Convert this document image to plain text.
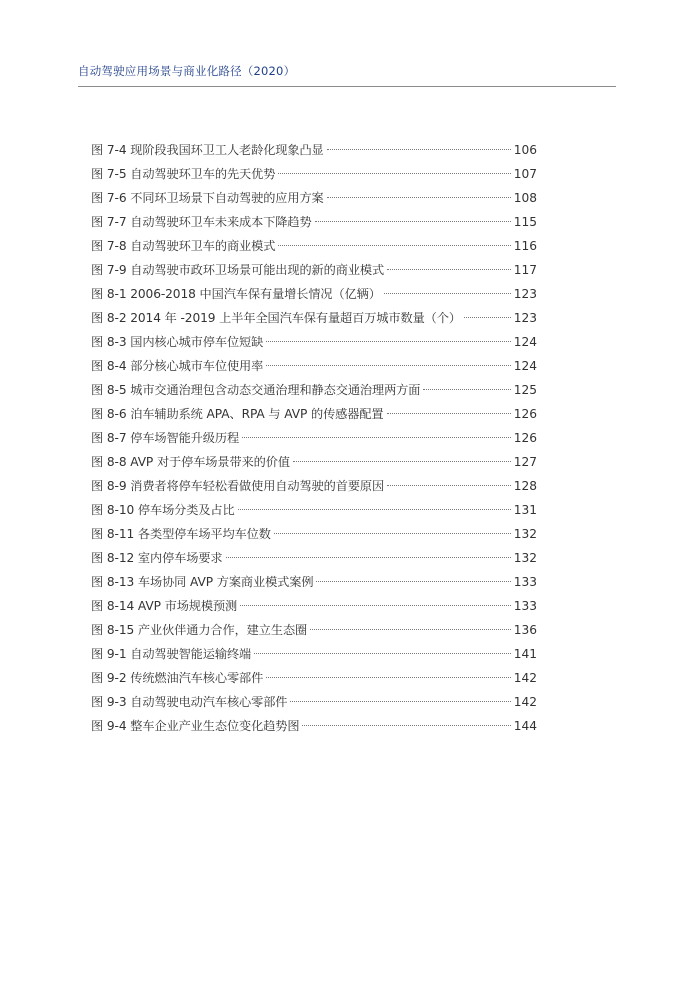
自动驾驶应用场景与商业化路径（2020）
图 7-4 现阶段我国环卫工人老龄化现象凸显	106
图 7-5 自动驾驶环卫车的先天优势	107
图 7-6 不同环卫场景下自动驾驶的应用方案	108
图 7-7 自动驾驶环卫车未来成本下降趋势	115
图 7-8 自动驾驶环卫车的商业模式	116
图 7-9 自动驾驶市政环卫场景可能出现的新的商业模式	117
图 8-1 2006-2018 中国汽车保有量增长情况（亿辆）	123
图 8-2 2014 年 -2019 上半年全国汽车保有量超百万城市数量（个）	123
图 8-3 国内核心城市停车位短缺	124
图 8-4 部分核心城市车位使用率	124
图 8-5 城市交通治理包含动态交通治理和静态交通治理两方面	125
图 8-6 泊车辅助系统 APA、RPA 与 AVP 的传感器配置	126
图 8-7 停车场智能升级历程	126
图 8-8 AVP 对于停车场景带来的价值	127
图 8-9 消费者将停车轻松看做使用自动驾驶的首要原因	128
图 8-10 停车场分类及占比	131
图 8-11 各类型停车场平均车位数	132
图 8-12 室内停车场要求	132
图 8-13 车场协同 AVP 方案商业模式案例	133
图 8-14 AVP 市场规模预测	133
图 8-15 产业伙伴通力合作，建立生态圈	136
图 9-1 自动驾驶智能运输终端	141
图 9-2 传统燃油汽车核心零部件	142
图 9-3 自动驾驶电动汽车核心零部件	142
图 9-4 整车企业产业生态位变化趋势图	144
